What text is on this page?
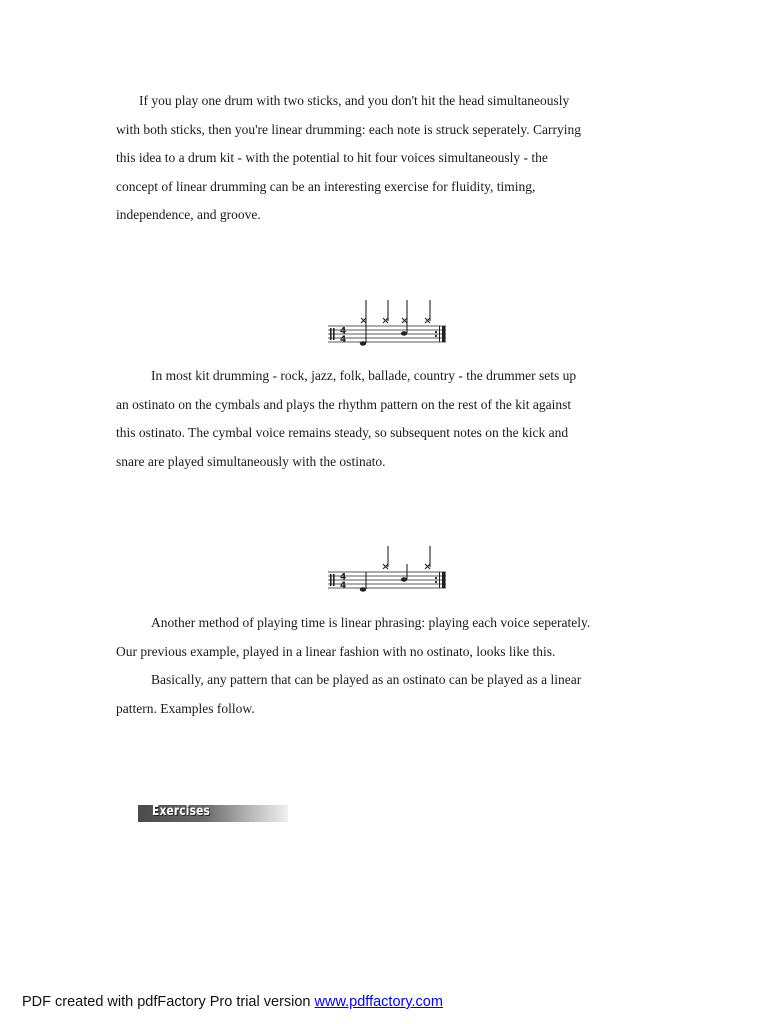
If you play one drum with two sticks, and you don't hit the head simultaneously
with both sticks, then you're linear drumming: each note is struck seperately. Carrying
this idea to a drum kit - with the potential to hit four voices simultaneously - the
concept of linear drumming can be an interesting exercise for fluidity, timing,
independence, and groove.
4
4
In most kit drumming - rock, jazz, folk, ballade, country - the drummer sets up
an ostinato on the cymbals and plays the rhythm pattern on the rest of the kit against
this ostinato. The cymbal voice remains steady, so subsequent notes on the kick and
snare are played simultaneously with the ostinato.
4
4
Another method of playing time is linear phrasing: playing each voice seperately.
Our previous example, played in a linear fashion with no ostinato, looks like this.
Basically, any pattern that can be played as an ostinato can be played as a linear
pattern. Examples follow.
Exercises
PDF created with pdfFactory Pro trial version www.pdffactory.com
